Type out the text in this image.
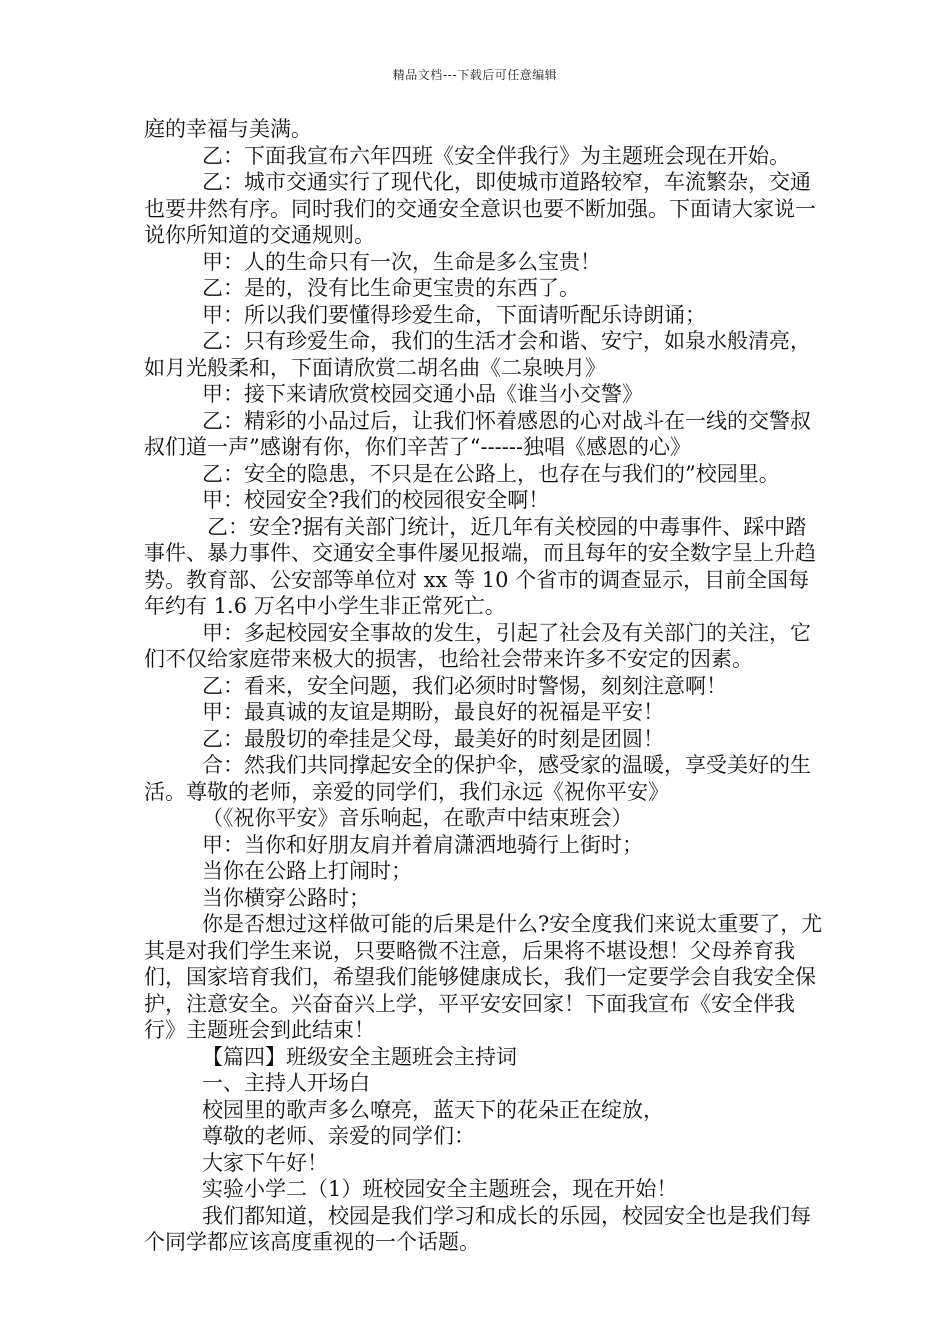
精品文档---下载后可任意编辑

庭的幸福与美满。

乙：下面我宣布六年四班《安全伴我行》为主题班会现在开始。

乙：城市交通实行了现代化，即使城市道路较窄，车流繁杂，交通也要井然有序。同时我们的交通安全意识也要不断加强。下面请大家说一说你所知道的交通规则。

甲：人的生命只有一次，生命是多么宝贵！

乙：是的，没有比生命更宝贵的东西了。

甲：所以我们要懂得珍爱生命，下面请听配乐诗朗诵；

乙：只有珍爱生命，我们的生活才会和谐、安宁，如泉水般清亮，如月光般柔和，下面请欣赏二胡名曲《二泉映月》

甲：接下来请欣赏校园交通小品《谁当小交警》

乙：精彩的小品过后，让我们怀着感恩的心对战斗在一线的交警叔叔们道一声”感谢有你，你们辛苦了“------独唱《感恩的心》

乙：安全的隐患，不只是在公路上，也存在与我们的”校园里。

甲：校园安全?我们的校园很安全啊！

乙：安全?据有关部门统计，近几年有关校园的中毒事件、踩中踏事件、暴力事件、交通安全事件屡见报端，而且每年的安全数字呈上升趋势。教育部、公安部等单位对 xx 等 10 个省市的调查显示，目前全国每年约有 1.6 万名中小学生非正常死亡。

甲：多起校园安全事故的发生，引起了社会及有关部门的关注，它们不仅给家庭带来极大的损害，也给社会带来许多不安定的因素。

乙：看来，安全问题，我们必须时时警惕，刻刻注意啊！

甲：最真诚的友谊是期盼，最良好的祝福是平安！

乙：最殷切的牵挂是父母，最美好的时刻是团圆！

合：然我们共同撑起安全的保护伞，感受家的温暖，享受美好的生活。尊敬的老师，亲爱的同学们，我们永远《祝你平安》

（《祝你平安》音乐响起，在歌声中结束班会）

甲：当你和好朋友肩并着肩潇洒地骑行上街时；

当你在公路上打闹时；

当你横穿公路时；

你是否想过这样做可能的后果是什么?安全度我们来说太重要了，尤其是对我们学生来说，只要略微不注意，后果将不堪设想！父母养育我们，国家培育我们，希望我们能够健康成长，我们一定要学会自我安全保护，注意安全。兴奋奋兴上学，平平安安回家！下面我宣布《安全伴我行》主题班会到此结束！

【篇四】班级安全主题班会主持词

一、主持人开场白

校园里的歌声多么嘹亮，蓝天下的花朵正在绽放，

尊敬的老师、亲爱的同学们：

大家下午好！

实验小学二（1）班校园安全主题班会，现在开始！

我们都知道，校园是我们学习和成长的乐园，校园安全也是我们每个同学都应该高度重视的一个话题。
